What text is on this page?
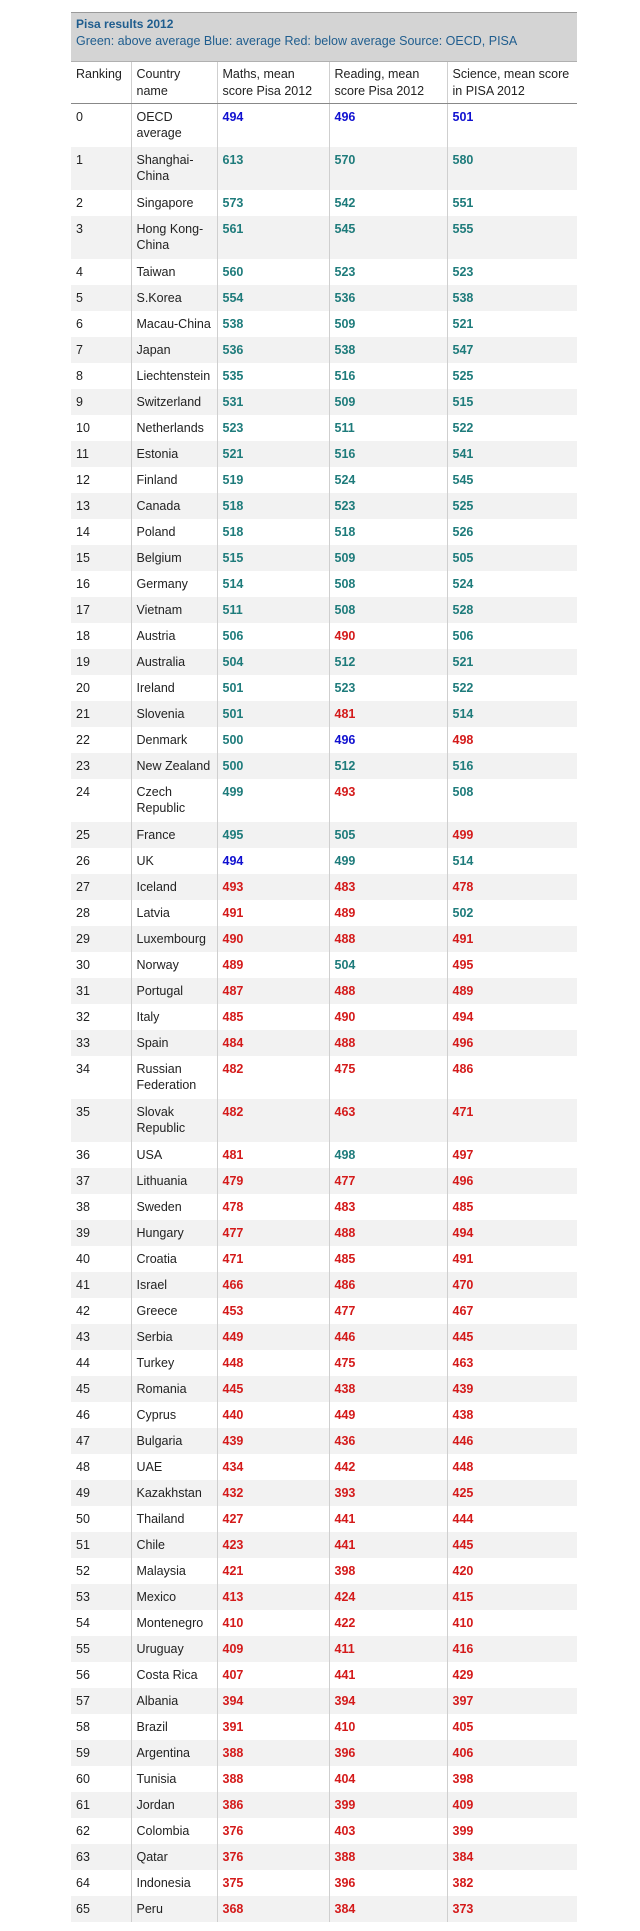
Pisa results 2012
Green: above average Blue: average Red: below average Source: OECD, PISA
Ranking	Country name	Maths, mean score Pisa 2012	Reading, mean score Pisa 2012	Science, mean score in PISA 2012
0	OECD average	494	496	501
1	Shanghai-China	613	570	580
2	Singapore	573	542	551
3	Hong Kong-China	561	545	555
4	Taiwan	560	523	523
5	S.Korea	554	536	538
6	Macau-China	538	509	521
7	Japan	536	538	547
8	Liechtenstein	535	516	525
9	Switzerland	531	509	515
10	Netherlands	523	511	522
11	Estonia	521	516	541
12	Finland	519	524	545
13	Canada	518	523	525
14	Poland	518	518	526
15	Belgium	515	509	505
16	Germany	514	508	524
17	Vietnam	511	508	528
18	Austria	506	490	506
19	Australia	504	512	521
20	Ireland	501	523	522
21	Slovenia	501	481	514
22	Denmark	500	496	498
23	New Zealand	500	512	516
24	Czech Republic	499	493	508
25	France	495	505	499
26	UK	494	499	514
27	Iceland	493	483	478
28	Latvia	491	489	502
29	Luxembourg	490	488	491
30	Norway	489	504	495
31	Portugal	487	488	489
32	Italy	485	490	494
33	Spain	484	488	496
34	Russian Federation	482	475	486
35	Slovak Republic	482	463	471
36	USA	481	498	497
37	Lithuania	479	477	496
38	Sweden	478	483	485
39	Hungary	477	488	494
40	Croatia	471	485	491
41	Israel	466	486	470
42	Greece	453	477	467
43	Serbia	449	446	445
44	Turkey	448	475	463
45	Romania	445	438	439
46	Cyprus	440	449	438
47	Bulgaria	439	436	446
48	UAE	434	442	448
49	Kazakhstan	432	393	425
50	Thailand	427	441	444
51	Chile	423	441	445
52	Malaysia	421	398	420
53	Mexico	413	424	415
54	Montenegro	410	422	410
55	Uruguay	409	411	416
56	Costa Rica	407	441	429
57	Albania	394	394	397
58	Brazil	391	410	405
59	Argentina	388	396	406
60	Tunisia	388	404	398
61	Jordan	386	399	409
62	Colombia	376	403	399
63	Qatar	376	388	384
64	Indonesia	375	396	382
65	Peru	368	384	373
